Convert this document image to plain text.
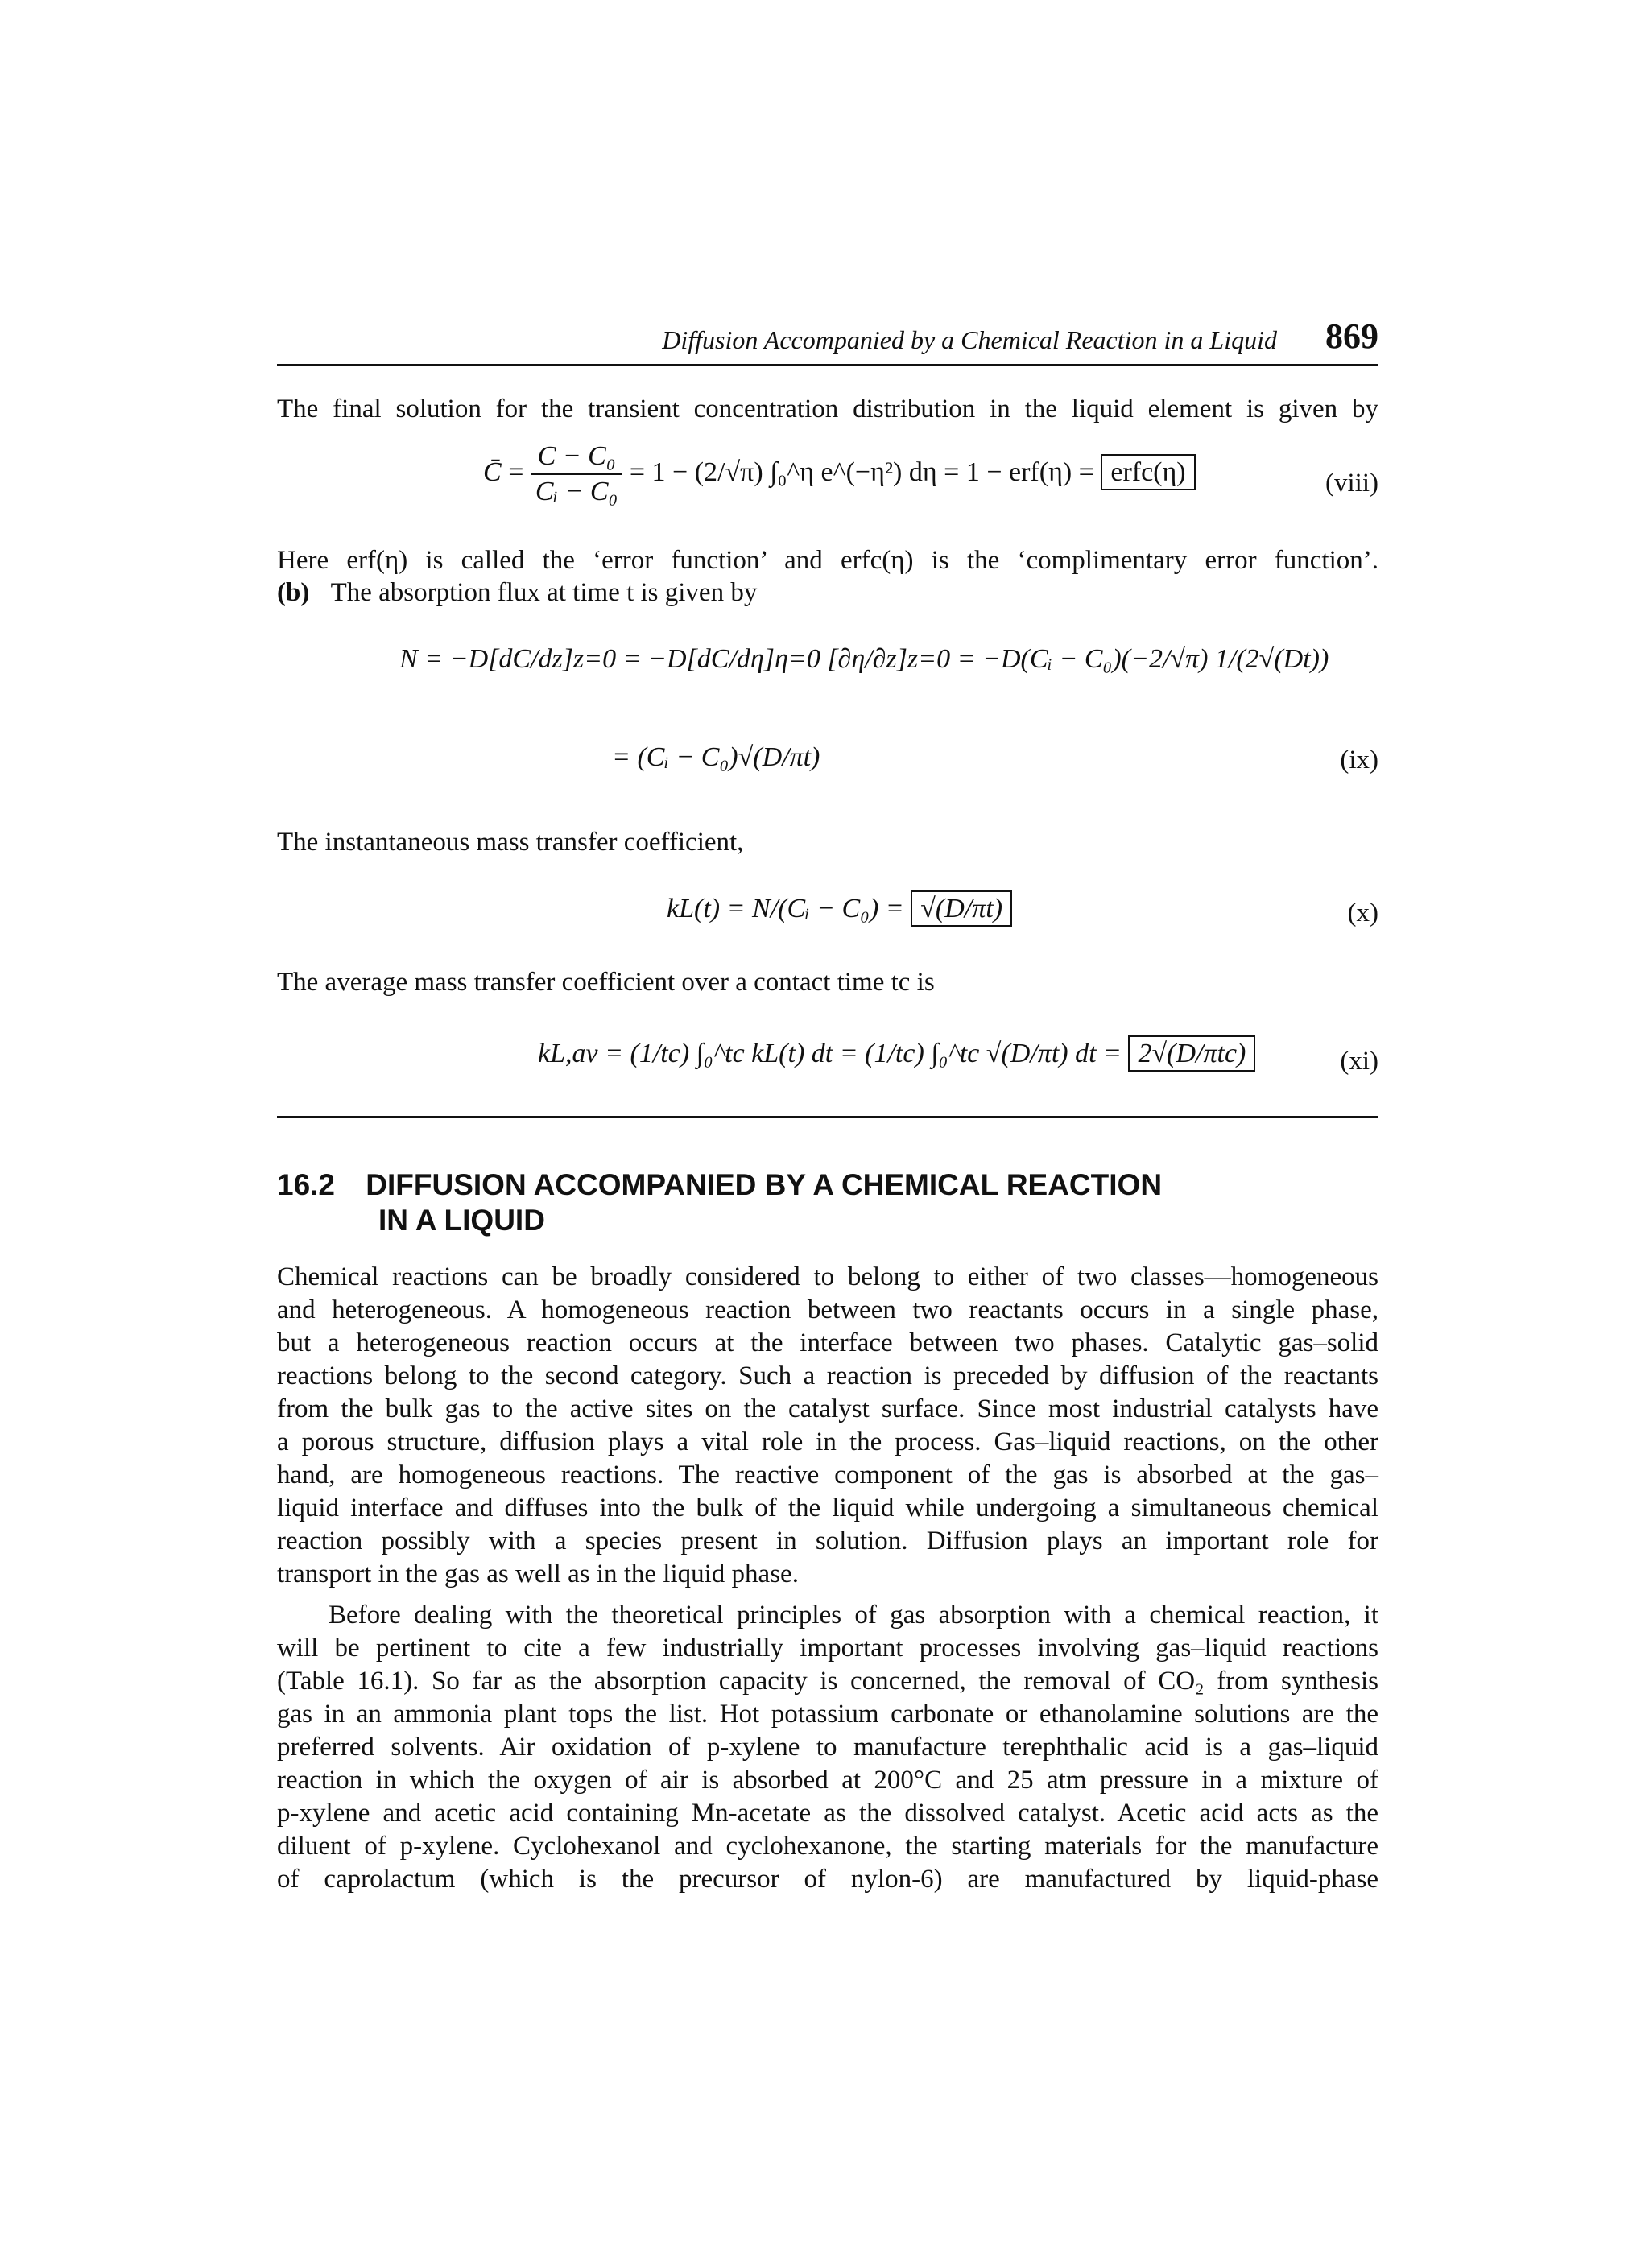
Diffusion Accompanied by a Chemical Reaction in a Liquid 869
The final solution for the transient concentration distribution in the liquid element is given by
C̄ = $\frac{\text{C − C₀}}{\text{Cᵢ − C₀}} = 1 - (2/√\pi)$ ∫₀^η e^(−η²) dη = 1 − erf(η) = erfc(η)	(viii)
Here erf(η) is called the ‘error function’ and erfc(η) is the ‘complimentary error function’.
(b) The absorption flux at time t is given by
N = −D[dC/dz]z=0 = −D[dC/dη]η=0 [∂η/∂z]z=0 = −D(Cᵢ − C₀)(−2/√π) 1/(2√(Dt))
= (Cᵢ − C₀)√(D/πt)	(ix)
The instantaneous mass transfer coefficient,
kL(t) = N/(Cᵢ − C₀) = √(D/πt)	(x)
The average mass transfer coefficient over a contact time tc is
kL,av = (1/tc) ∫₀^tc kL(t) dt = (1/tc) ∫₀^tc √(D/πt) dt = 2√(D/πtc)	(xi)
16.2 DIFFUSION ACCOMPANIED BY A CHEMICAL REACTION
IN A LIQUID
Chemical reactions can be broadly considered to belong to either of two classes—homogeneous
and heterogeneous. A homogeneous reaction between two reactants occurs in a single phase,
but a heterogeneous reaction occurs at the interface between two phases. Catalytic gas–solid
reactions belong to the second category. Such a reaction is preceded by diffusion of the reactants
from the bulk gas to the active sites on the catalyst surface. Since most industrial catalysts have
a porous structure, diffusion plays a vital role in the process. Gas–liquid reactions, on the other
hand, are homogeneous reactions. The reactive component of the gas is absorbed at the gas–
liquid interface and diffuses into the bulk of the liquid while undergoing a simultaneous chemical
reaction possibly with a species present in solution. Diffusion plays an important role for
transport in the gas as well as in the liquid phase.
Before dealing with the theoretical principles of gas absorption with a chemical reaction, it
will be pertinent to cite a few industrially important processes involving gas–liquid reactions
(Table 16.1). So far as the absorption capacity is concerned, the removal of CO₂ from synthesis
gas in an ammonia plant tops the list. Hot potassium carbonate or ethanolamine solutions are the
preferred solvents. Air oxidation of p-xylene to manufacture terephthalic acid is a gas–liquid
reaction in which the oxygen of air is absorbed at 200°C and 25 atm pressure in a mixture of
p-xylene and acetic acid containing Mn-acetate as the dissolved catalyst. Acetic acid acts as the
diluent of p-xylene. Cyclohexanol and cyclohexanone, the starting materials for the manufacture
of caprolactum (which is the precursor of nylon-6) are manufactured by liquid-phase
